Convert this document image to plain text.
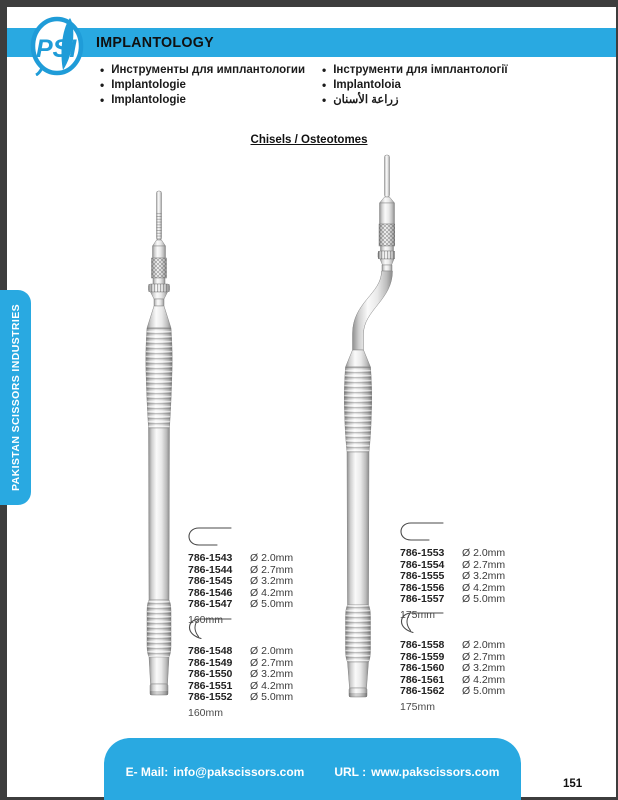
IMPLANTOLOGY
PSI
• Инструменты для имплантологии
• Implantologie
• Implantologie
• Інструменти для імплантології
• Implantoloia
• زراعة الأسنان
Chisels / Osteotomes
PAKISTAN SCISSORS INDUSTRIES
786-1543	Ø 2.0mm
786-1544	Ø 2.7mm
786-1545	Ø 3.2mm
786-1546	Ø 4.2mm
786-1547	Ø 5.0mm
160mm
786-1548	Ø 2.0mm
786-1549	Ø 2.7mm
786-1550	Ø 3.2mm
786-1551	Ø 4.2mm
786-1552	Ø 5.0mm
160mm
786-1553	Ø 2.0mm
786-1554	Ø 2.7mm
786-1555	Ø 3.2mm
786-1556	Ø 4.2mm
786-1557	Ø 5.0mm
175mm
786-1558	Ø 2.0mm
786-1559	Ø 2.7mm
786-1560	Ø 3.2mm
786-1561	Ø 4.2mm
786-1562	Ø 5.0mm
175mm
E- Mail: info@pakscissors.com	URL : www.pakscissors.com
151
